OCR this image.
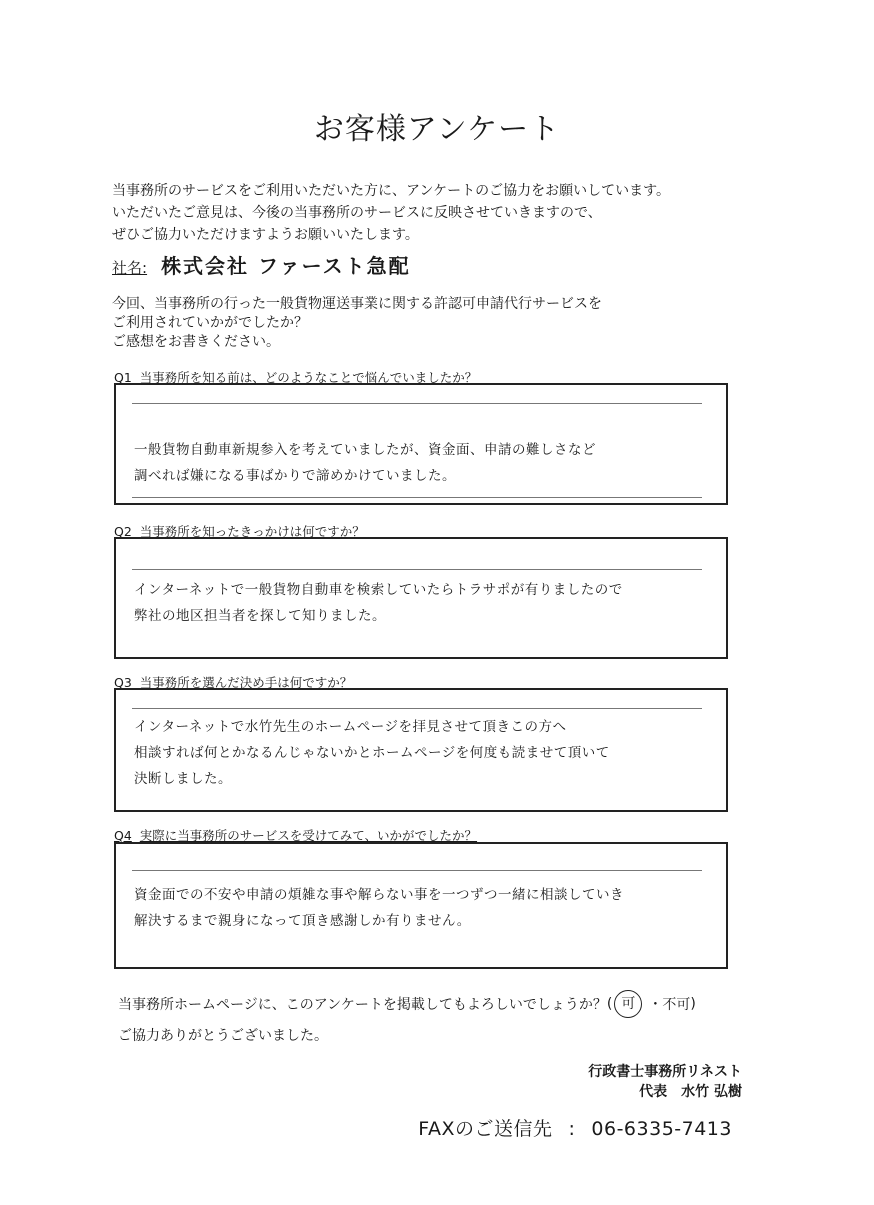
お客様アンケート
当事務所のサービスをご利用いただいた方に、アンケートのご協力をお願いしています。
いただいたご意見は、今後の当事務所のサービスに反映させていきますので、
ぜひご協力いただけますようお願いいたします。
社名: 株式会社 ファースト急配
今回、当事務所の行った一般貨物運送事業に関する許認可申請代行サービスを
ご利用されていかがでしたか？
ご感想をお書きください。
Q1 当事務所を知る前は、どのようなことで悩んでいましたか？
一般貨物自動車新規参入を考えていましたが、資金面、申請の難しさなど
調べれば嫌になる事ばかりで諦めかけていました。
Q2 当事務所を知ったきっかけは何ですか？
インターネットで一般貨物自動車を検索していたらトラサポが有りましたので
弊社の地区担当者を探して知りました。
Q3 当事務所を選んだ決め手は何ですか？
インターネットで水竹先生のホームページを拝見させて頂きこの方へ
相談すれば何とかなるんじゃないかとホームページを何度も読ませて頂いて
決断しました。
Q4 実際に当事務所のサービスを受けてみて、いかがでしたか？
資金面での不安や申請の煩雑な事や解らない事を一つずつ一緒に相談していき
解決するまで親身になって頂き感謝しか有りません。
当事務所ホームページに、このアンケートを掲載してもよろしいでしょうか？ ( 可 ・ 不可 )
ご協力ありがとうございました。
行政書士事務所リネスト
代表 水竹 弘樹
FAXのご送信先 : 06-6335-7413
